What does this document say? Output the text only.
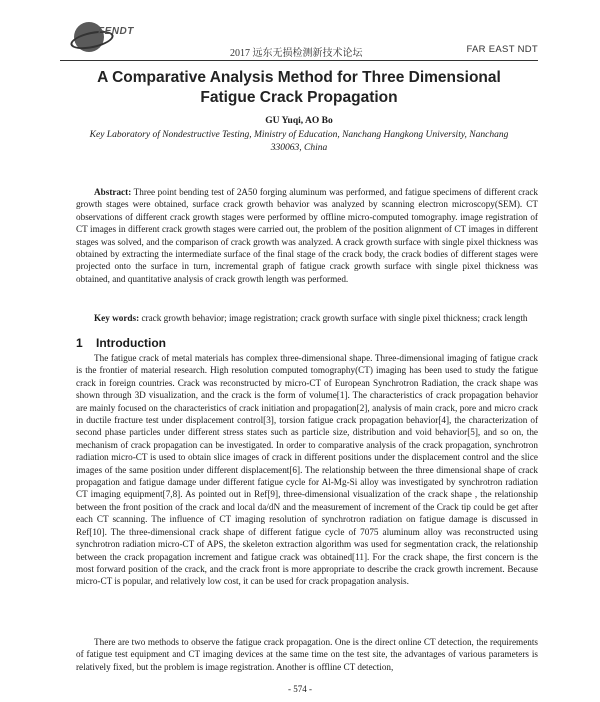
FENDT
2017 远东无损检测新技术论坛	FAR EAST NDT
A Comparative Analysis Method for Three Dimensional
Fatigue Crack Propagation
GU Yuqi, AO Bo
Key Laboratory of Nondestructive Testing, Ministry of Education, Nanchang Hangkong University, Nanchang
330063, China
Abstract: Three point bending test of 2A50 forging aluminum was performed, and fatigue specimens of different crack growth stages were obtained, surface crack growth behavior was analyzed by scanning electron microscopy(SEM). CT observations of different crack growth stages were performed by offline micro-computed tomography. image registration of CT images in different crack growth stages were carried out, the problem of the position alignment of CT images in different stages was solved, and the comparison of crack growth was analyzed. A crack growth surface with single pixel thickness was obtained by extracting the intermediate surface of the final stage of the crack body, the crack bodies of different stages were projected onto the surface in turn, incremental graph of fatigue crack growth surface with single pixel thickness was obtained, and quantitative analysis of crack growth length was performed.
Key words: crack growth behavior; image registration; crack growth surface with single pixel thickness; crack length
1 Introduction
The fatigue crack of metal materials has complex three-dimensional shape. Three-dimensional imaging of fatigue crack is the frontier of material research. High resolution computed tomography(CT) imaging has been used to study the fatigue crack in foreign countries. Crack was reconstructed by micro-CT of European Synchrotron Radiation, the crack shape was shown through 3D visualization, and the crack is the form of volume[1]. The characteristics of crack propagation behavior are mainly focused on the characteristics of crack initiation and propagation[2], analysis of main crack, pore and micro crack in ductile fracture test under displacement control[3], torsion fatigue crack propagation behavior[4], the characterization of second phase particles under different stress states such as particle size, distribution and void behavior[5], and so on, the mechanism of crack propagation can be investigated. In order to comparative analysis of the crack propagation, synchrotron radiation micro-CT is used to obtain slice images of crack in different positions under the displacement control and the slice images of the same position under different displacement[6]. The relationship between the three dimensional shape of crack propagation and fatigue damage under different fatigue cycle for Al-Mg-Si alloy was investigated by synchrotron radiation CT imaging equipment[7,8]. As pointed out in Ref[9], three-dimensional visualization of the crack shape , the relationship between the front position of the crack and local da/dN and the measurement of increment of the Crack tip could be get after each CT scanning. The influence of CT imaging resolution of synchrotron radiation on fatigue damage is discussed in Ref[10]. The three-dimensional crack shape of different fatigue cycle of 7075 aluminum alloy was reconstructed using synchrotron radiation micro-CT of APS, the skeleton extraction algorithm was used for segmentation crack, the relationship between the crack propagation increment and fatigue crack was obtained[11]. For the crack shape, the first concern is the most forward position of the crack, and the crack front is more appropriate to describe the crack growth increment. Because micro-CT is popular, and relatively low cost, it can be used for crack propagation analysis.
There are two methods to observe the fatigue crack propagation. One is the direct online CT detection, the requirements of fatigue test equipment and CT imaging devices at the same time on the test site, the advantages of various parameters is relatively fixed, but the problem is image registration. Another is offline CT detection,
- 574 -
